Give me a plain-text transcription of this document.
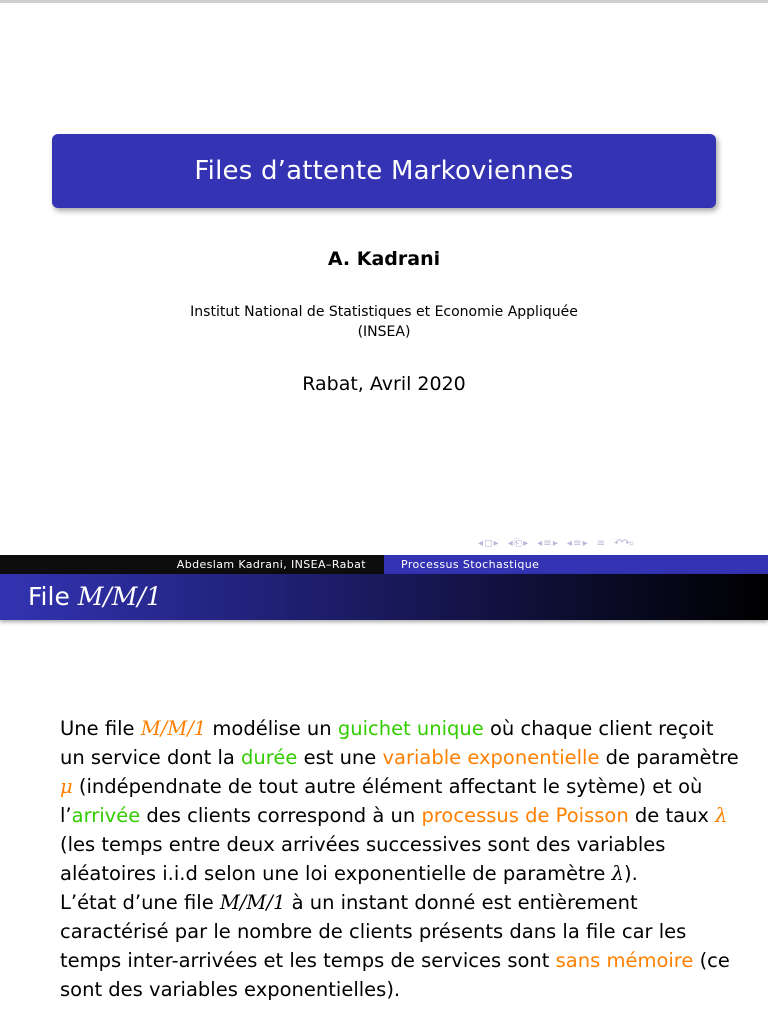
Files d’attente Markoviennes
A. Kadrani
Institut National de Statistiques et Economie Appliquée
(INSEA)
Rabat, Avril 2020
◂ ◻ ▸ ◂ ⎗ ▸ ◂ ≡ ▸ ◂ ≡ ▸ ≡ ↶↷⌕
Abdeslam Kadrani, INSEA–Rabat	Processus Stochastique
File M/M/1
Une file M/M/1 modélise un guichet unique où chaque client reçoit un service dont la durée est une variable exponentielle de paramètre μ (indépendnate de tout autre élément affectant le sytème) et où l’arrivée des clients correspond à un processus de Poisson de taux λ (les temps entre deux arrivées successives sont des variables aléatoires i.i.d selon une loi exponentielle de paramètre λ).
L’état d’une file M/M/1 à un instant donné est entièrement caractérisé par le nombre de clients présents dans la file car les temps inter-arrivées et les temps de services sont sans mémoire (ce sont des variables exponentielles).
